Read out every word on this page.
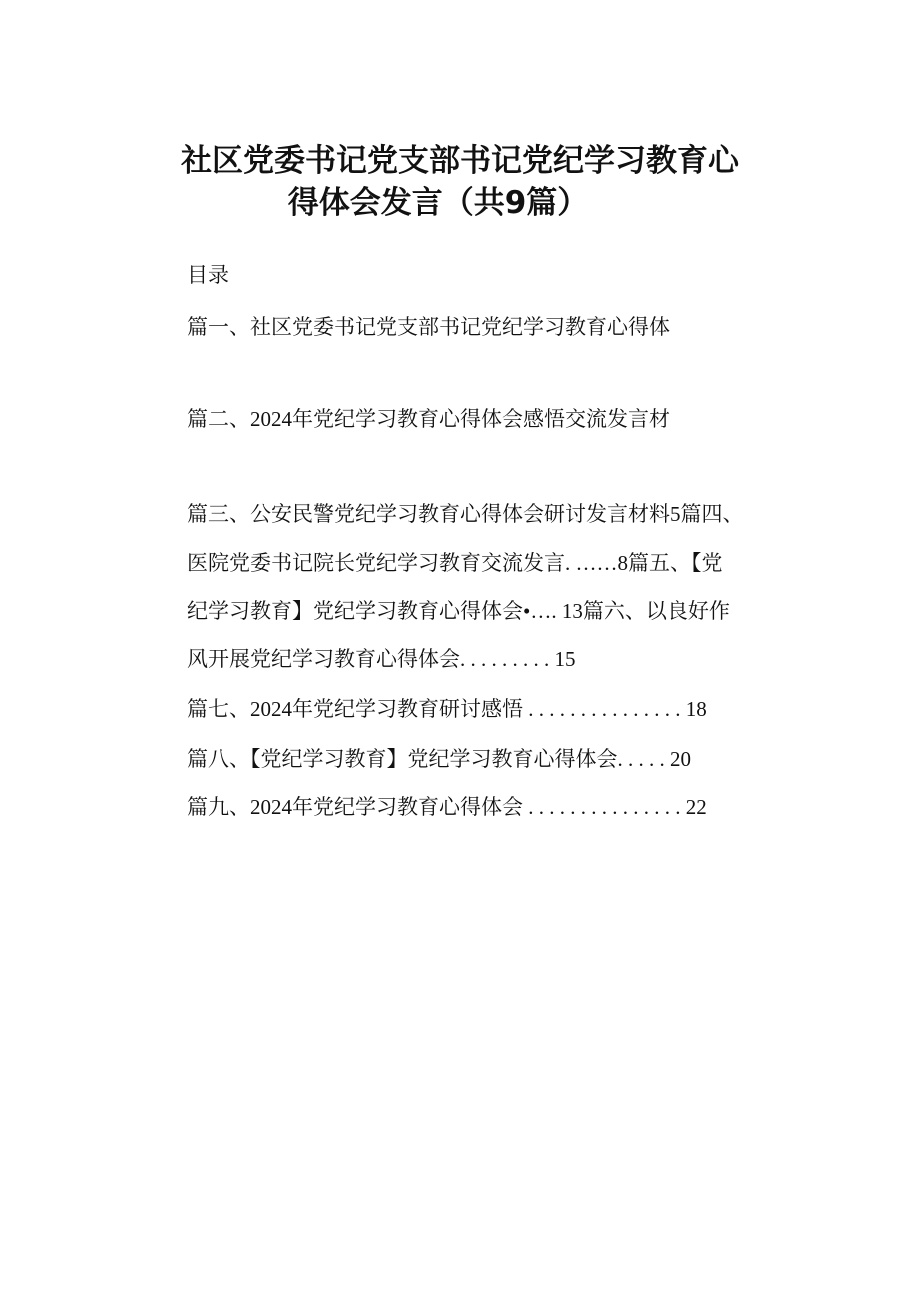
社区党委书记党支部书记党纪学习教育心
得体会发言（共9篇）
目录
篇一、社区党委书记党支部书记党纪学习教育心得体
篇二、2024年党纪学习教育心得体会感悟交流发言材
篇三、公安民警党纪学习教育心得体会研讨发言材料5篇四、
医院党委书记院长党纪学习教育交流发言. ……8篇五、【党
纪学习教育】党纪学习教育心得体会•…. 13篇六、以良好作
风开展党纪学习教育心得体会. . . . . . . . . 15
篇七、2024年党纪学习教育研讨感悟 . . . . . . . . . . . . . . . 18
篇八、【党纪学习教育】党纪学习教育心得体会. . . . . 20
篇九、2024年党纪学习教育心得体会 . . . . . . . . . . . . . . . 22
